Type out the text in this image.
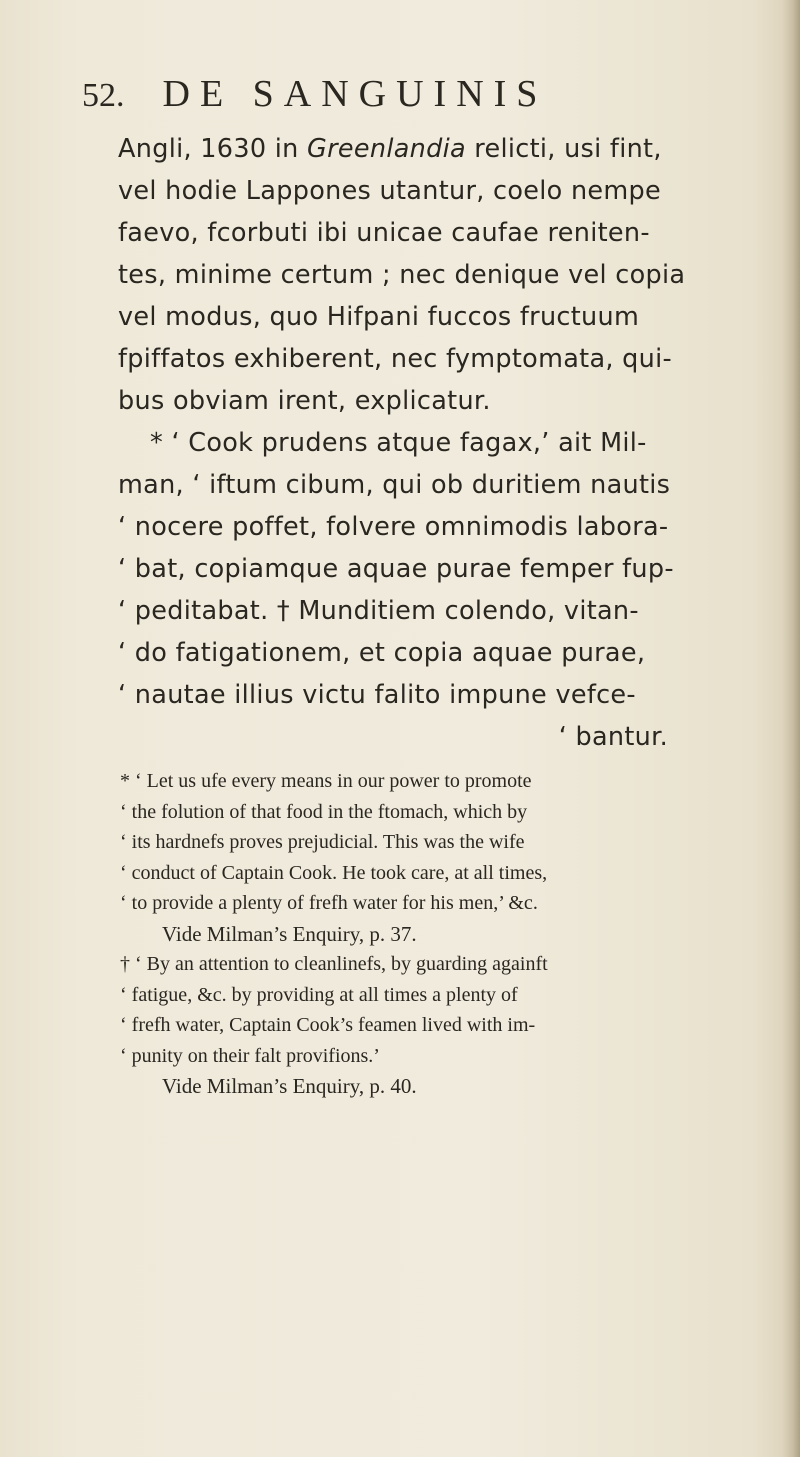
52. DE SANGUINIS
Angli, 1630 in Greenlandia relicti, usi fint,
vel hodie Lappones utantur, coelo nempe
faevo, fcorbuti ibi unicae caufae reniten-
tes, minime certum ; nec denique vel copia
vel modus, quo Hifpani fuccos fructuum
fpiffatos exhiberent, nec fymptomata, qui-
bus obviam irent, explicatur.
* ‘ Cook prudens atque fagax,’ ait Mil-
man, ‘ iftum cibum, qui ob duritiem nautis
‘ nocere poffet, folvere omnimodis labora-
‘ bat, copiamque aquae purae femper fup-
‘ peditabat. † Munditiem colendo, vitan-
‘ do fatigationem, et copia aquae purae,
‘ nautae illius victu falito impune vefce-
‘ bantur.
* ‘ Let us ufe every means in our power to promote
‘ the folution of that food in the ftomach, which by
‘ its hardnefs proves prejudicial. This was the wife
‘ conduct of Captain Cook. He took care, at all times,
‘ to provide a plenty of frefh water for his men,’ &c.
Vide Milman’s Enquiry, p. 37.
† ‘ By an attention to cleanlinefs, by guarding againft
‘ fatigue, &c. by providing at all times a plenty of
‘ frefh water, Captain Cook’s feamen lived with im-
‘ punity on their falt provifions.’
Vide Milman’s Enquiry, p. 40.
